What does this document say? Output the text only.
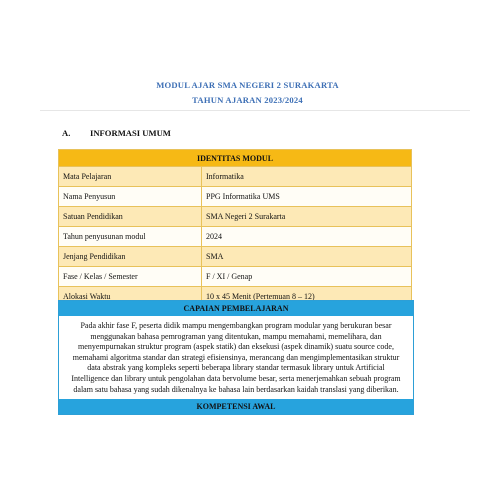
MODUL AJAR SMA NEGERI 2 SURAKARTA
TAHUN AJARAN 2023/2024
A. INFORMASI UMUM
IDENTITAS MODUL	
Mata Pelajaran	Informatika
Nama Penyusun	PPG Informatika UMS
Satuan Pendidikan	SMA Negeri 2 Surakarta
Tahun penyusunan modul	2024
Jenjang Pendidikan	SMA
Fase / Kelas / Semester	F / XI / Genap
Alokasi Waktu	10 x 45 Menit (Pertemuan 8 – 12)
CAPAIAN PEMBELAJARAN
Pada akhir fase F, peserta didik mampu mengembangkan program modular yang berukuran besar menggunakan bahasa pemrograman yang ditentukan, mampu memahami, memelihara, dan menyempurnakan struktur program (aspek statik) dan eksekusi (aspek dinamik) suatu source code, memahami algoritma standar dan strategi efisiensinya, merancang dan mengimplementasikan struktur data abstrak yang kompleks seperti beberapa library standar termasuk library untuk Artificial Intelligence dan library untuk pengolahan data bervolume besar, serta menerjemahkan sebuah program dalam satu bahasa yang sudah dikenalnya ke bahasa lain berdasarkan kaidah translasi yang diberikan.
KOMPETENSI AWAL
